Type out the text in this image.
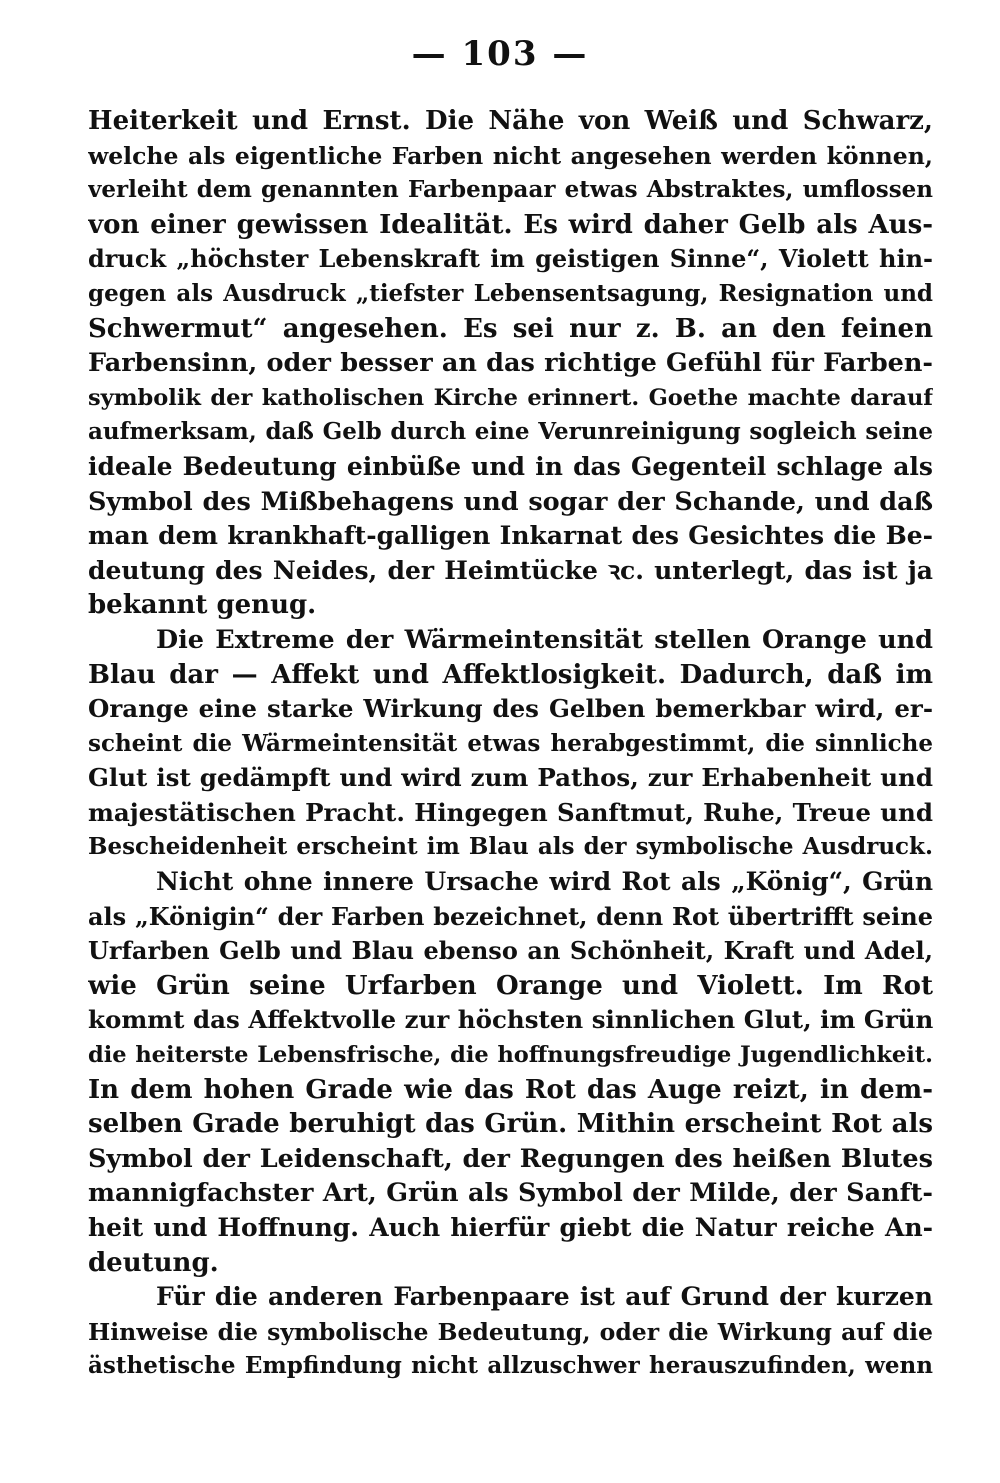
— 103 —
Heiterkeit und Ernst. Die Nähe von Weiß und Schwarz,
welche als eigentliche Farben nicht angesehen werden können,
verleiht dem genannten Farbenpaar etwas Abstraktes, umflossen
von einer gewissen Idealität. Es wird daher Gelb als Aus-
druck „höchster Lebenskraft im geistigen Sinne“, Violett hin-
gegen als Ausdruck „tiefster Lebensentsagung, Resignation und
Schwermut“ angesehen. Es sei nur z. B. an den feinen
Farbensinn, oder besser an das richtige Gefühl für Farben-
symbolik der katholischen Kirche erinnert. Goethe machte darauf
aufmerksam, daß Gelb durch eine Verunreinigung sogleich seine
ideale Bedeutung einbüße und in das Gegenteil schlage als
Symbol des Mißbehagens und sogar der Schande, und daß
man dem krankhaft-galligen Inkarnat des Gesichtes die Be-
deutung des Neides, der Heimtücke ꝛc. unterlegt, das ist ja
bekannt genug.
Die Extreme der Wärmeintensität stellen Orange und
Blau dar — Affekt und Affektlosigkeit. Dadurch, daß im
Orange eine starke Wirkung des Gelben bemerkbar wird, er-
scheint die Wärmeintensität etwas herabgestimmt, die sinnliche
Glut ist gedämpft und wird zum Pathos, zur Erhabenheit und
majestätischen Pracht. Hingegen Sanftmut, Ruhe, Treue und
Bescheidenheit erscheint im Blau als der symbolische Ausdruck.
Nicht ohne innere Ursache wird Rot als „König“, Grün
als „Königin“ der Farben bezeichnet, denn Rot übertrifft seine
Urfarben Gelb und Blau ebenso an Schönheit, Kraft und Adel,
wie Grün seine Urfarben Orange und Violett. Im Rot
kommt das Affektvolle zur höchsten sinnlichen Glut, im Grün
die heiterste Lebensfrische, die hoffnungsfreudige Jugendlichkeit.
In dem hohen Grade wie das Rot das Auge reizt, in dem-
selben Grade beruhigt das Grün. Mithin erscheint Rot als
Symbol der Leidenschaft, der Regungen des heißen Blutes
mannigfachster Art, Grün als Symbol der Milde, der Sanft-
heit und Hoffnung. Auch hierfür giebt die Natur reiche An-
deutung.
Für die anderen Farbenpaare ist auf Grund der kurzen
Hinweise die symbolische Bedeutung, oder die Wirkung auf die
ästhetische Empfindung nicht allzuschwer herauszufinden, wenn
